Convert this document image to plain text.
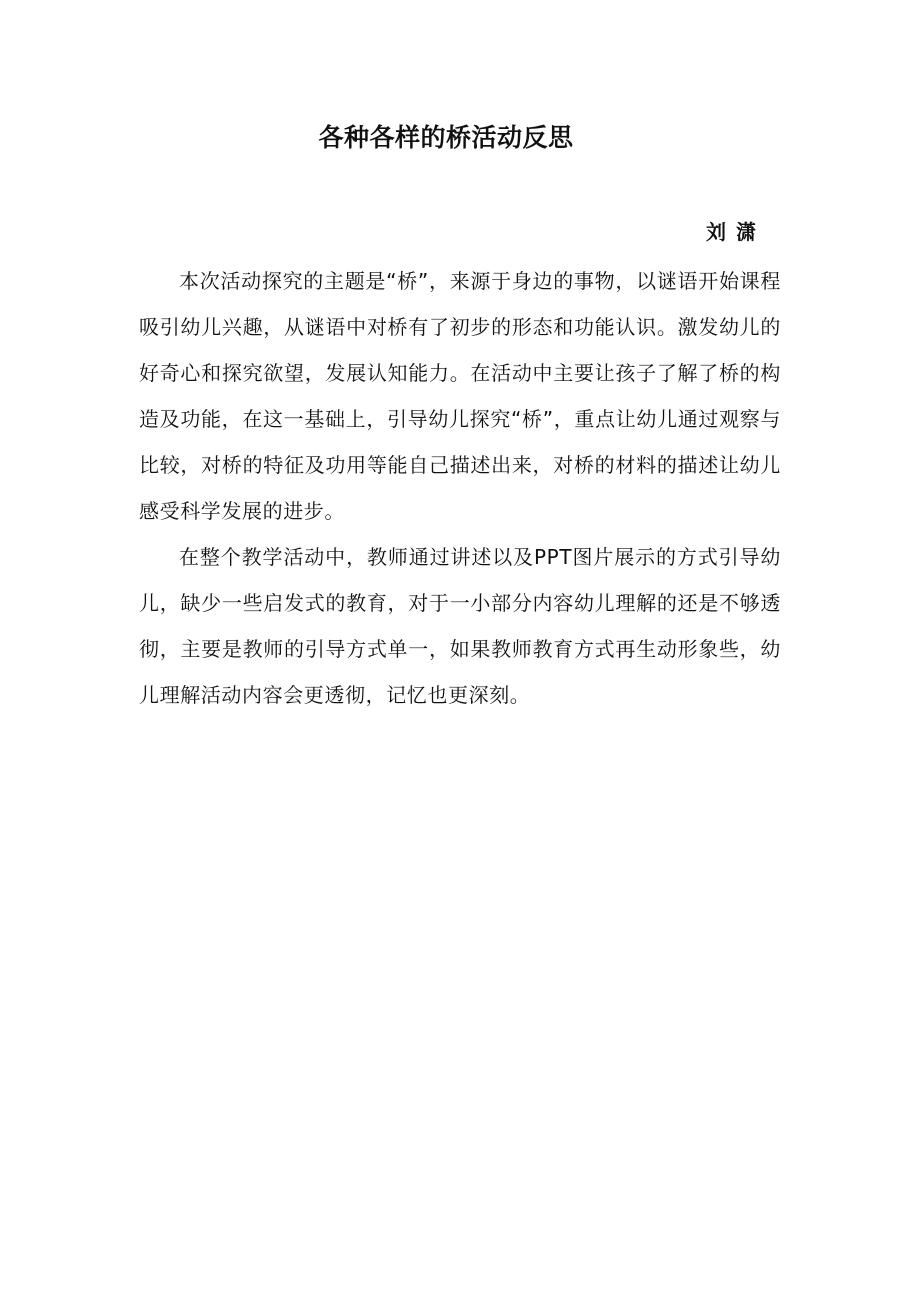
各种各样的桥活动反思
刘潇

本次活动探究的主题是“桥”，来源于身边的事物，以谜语开始课程吸引幼儿兴趣，从谜语中对桥有了初步的形态和功能认识。激发幼儿的好奇心和探究欲望，发展认知能力。在活动中主要让孩子了解了桥的构造及功能，在这一基础上，引导幼儿探究“桥”，重点让幼儿通过观察与比较，对桥的特征及功用等能自己描述出来，对桥的材料的描述让幼儿感受科学发展的进步。

在整个教学活动中，教师通过讲述以及PPT图片展示的方式引导幼儿，缺少一些启发式的教育，对于一小部分内容幼儿理解的还是不够透彻，主要是教师的引导方式单一，如果教师教育方式再生动形象些，幼儿理解活动内容会更透彻，记忆也更深刻。
